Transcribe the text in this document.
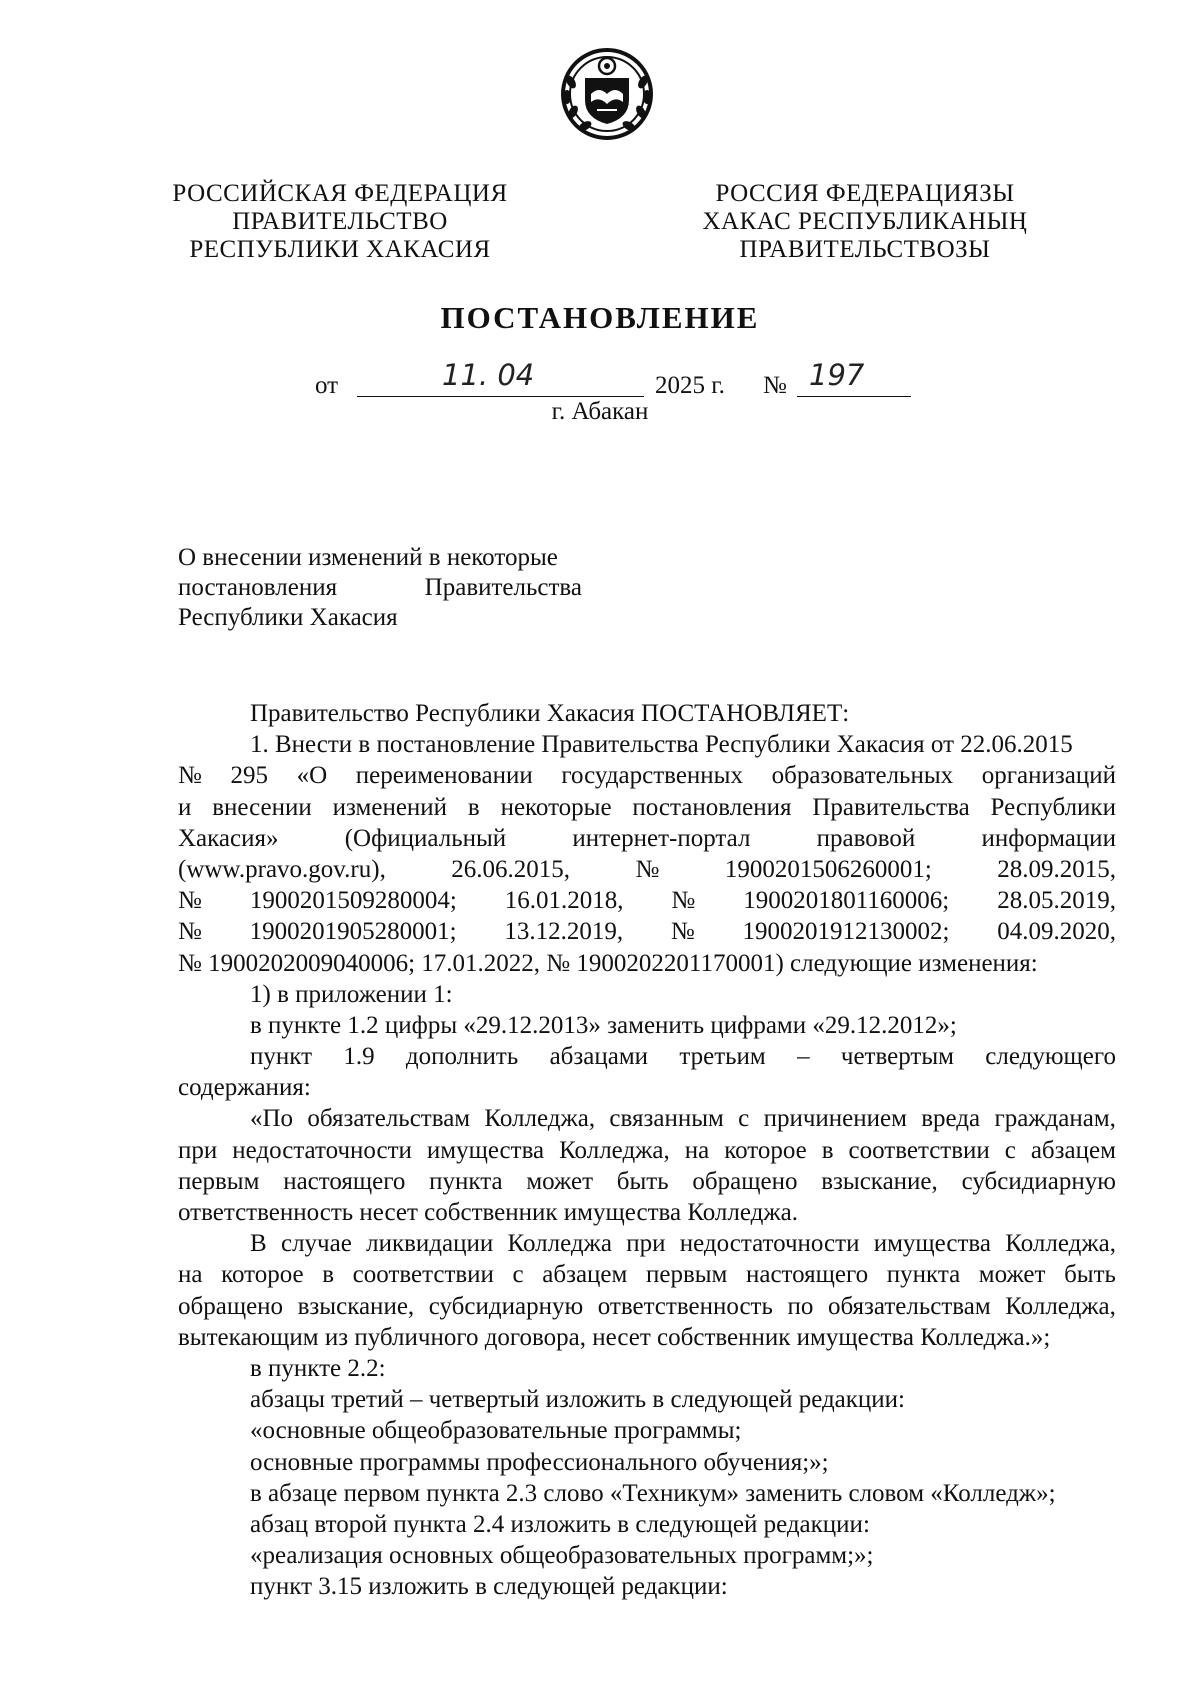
РОССИЙСКАЯ ФЕДЕРАЦИЯ
ПРАВИТЕЛЬСТВО
РЕСПУБЛИКИ ХАКАСИЯ
РОССИЯ ФЕДЕРАЦИЯЗЫ
ХАКАС РЕСПУБЛИКАНЫҢ
ПРАВИТЕЛЬСТВОЗЫ
ПОСТАНОВЛЕНИЕ
от	11. 04	2025 г. № 197
г. Абакан
О внесении изменений в некоторые
постановления	Правительства
Республики Хакасия
Правительство Республики Хакасия ПОСТАНОВЛЯЕТ:
1. Внести в постановление Правительства Республики Хакасия от 22.06.2015
№ 295 «О переименовании государственных образовательных организаций
и внесении изменений в некоторые постановления Правительства Республики
Хакасия»	(Официальный	интернет-портал	правовой	информации
(www.pravo.gov.ru),	26.06.2015,	№	1900201506260001;	28.09.2015,
№ 1900201509280004; 16.01.2018, № 1900201801160006; 28.05.2019,
№ 1900201905280001; 13.12.2019, № 1900201912130002; 04.09.2020,
№ 1900202009040006; 17.01.2022, № 1900202201170001) следующие изменения:
1) в приложении 1:
в пункте 1.2 цифры «29.12.2013» заменить цифрами «29.12.2012»;
пункт 1.9 дополнить абзацами третьим – четвертым следующего
содержания:
«По обязательствам Колледжа, связанным с причинением вреда гражданам,
при недостаточности имущества Колледжа, на которое в соответствии с абзацем
первым настоящего пункта может быть обращено взыскание, субсидиарную
ответственность несет собственник имущества Колледжа.
В случае ликвидации Колледжа при недостаточности имущества Колледжа,
на которое в соответствии с абзацем первым настоящего пункта может быть
обращено взыскание, субсидиарную ответственность по обязательствам Колледжа,
вытекающим из публичного договора, несет собственник имущества Колледжа.»;
в пункте 2.2:
абзацы третий – четвертый изложить в следующей редакции:
«основные общеобразовательные программы;
основные программы профессионального обучения;»;
в абзаце первом пункта 2.3 слово «Техникум» заменить словом «Колледж»;
абзац второй пункта 2.4 изложить в следующей редакции:
«реализация основных общеобразовательных программ;»;
пункт 3.15 изложить в следующей редакции:
